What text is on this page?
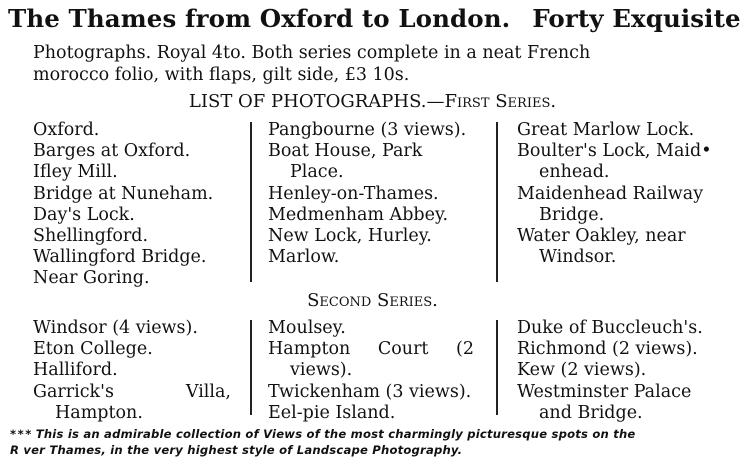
The Thames from Oxford to London. Forty Exquisite
Photographs. Royal 4to. Both series complete in a neat French
morocco folio, with flaps, gilt side, £3 10s.
LIST OF PHOTOGRAPHS.—First Series.
Oxford.
Barges at Oxford.
Ifley Mill.
Bridge at Nuneham.
Day's Lock.
Shellingford.
Wallingford Bridge.
Near Goring.
Pangbourne (3 views).
Boat House, Park
Place.
Henley-on-Thames.
Medmenham Abbey.
New Lock, Hurley.
Marlow.
Great Marlow Lock.
Boulter's Lock, Maid•
enhead.
Maidenhead Railway
Bridge.
Water Oakley, near
Windsor.
Second Series.
Windsor (4 views).
Eton College.
Halliford.
Garrick's	Villa,
Hampton.
Moulsey.
Hampton Court (2
views).
Twickenham (3 views).
Eel-pie Island.
Duke of Buccleuch's.
Richmond (2 views).
Kew (2 views).
Westminster Palace
and Bridge.
* * * This is an admirable collection of Views of the most charmingly picturesque spots on the
R ver Thames, in the very highest style of Landscape Photography.
